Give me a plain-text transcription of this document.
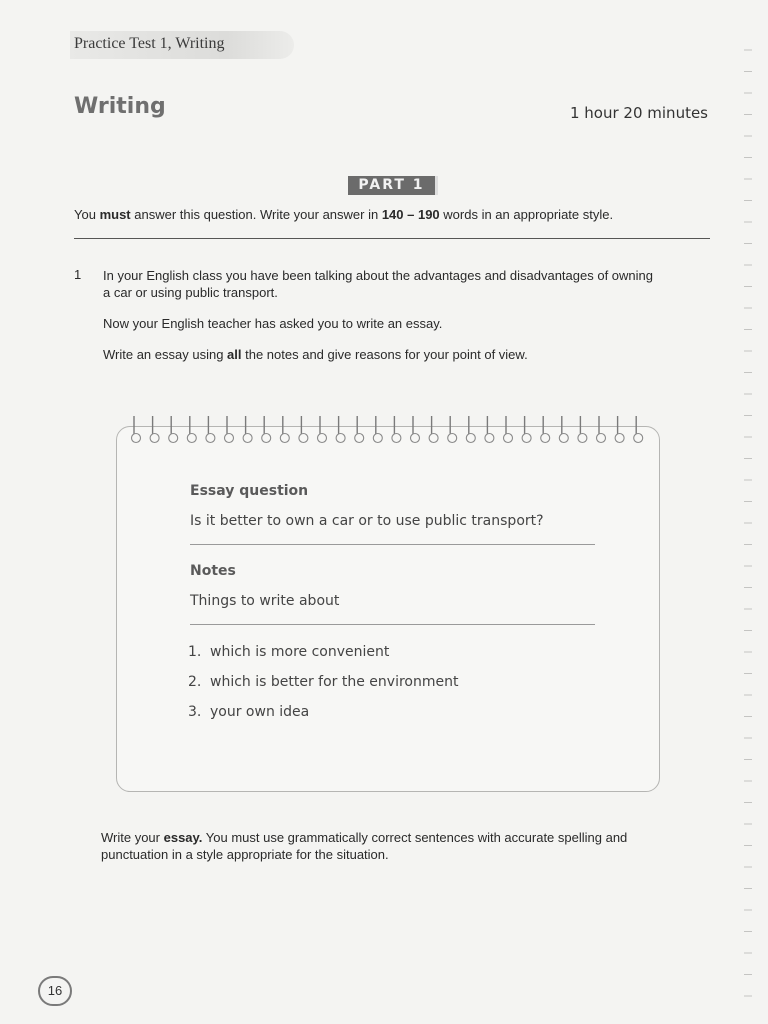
Practice Test 1, Writing
Writing	1 hour 20 minutes
PART 1
You must answer this question. Write your answer in 140 – 190 words in an appropriate style.
1 In your English class you have been talking about the advantages and disadvantages of owning
a car or using public transport.
Now your English teacher has asked you to write an essay.
Write an essay using all the notes and give reasons for your point of view.
Essay question
Is it better to own a car or to use public transport?
Notes
Things to write about
1. which is more convenient
2. which is better for the environment
3. your own idea
Write your essay. You must use grammatically correct sentences with accurate spelling and
punctuation in a style appropriate for the situation.
16
